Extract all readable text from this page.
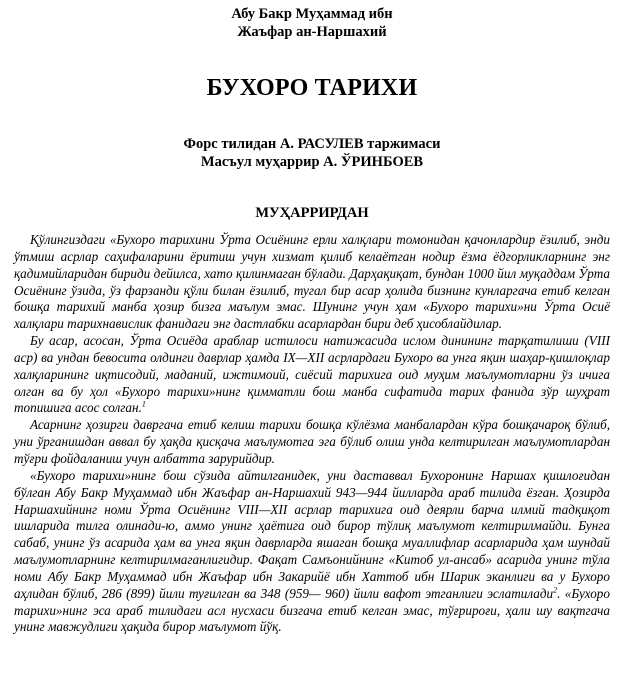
Абу Бакр Муҳаммад ибн
Жаъфар ан-Наршахий
БУХОРО ТАРИХИ
Форс тилидан А. РАСУЛЕВ таржимаси
Масъул муҳаррир А. ЎРИНБОЕВ
МУҲАРРИРДАН

Қўлингиздаги «Бухоро тарихини Ўрта Осиёнинг ерли халқлари томонидан қачонлардир ёзилиб, энди ўтмиш асрлар саҳифаларини ёритиш учун хизмат қилиб келаётган нодир ёзма ёдгорликларнинг энг қадимийларидан бириди дейилса, хато қилинмаган бўлади. Дарҳақиқат, бундан 1000 йил муқаддам Ўрта Осиёнинг ўзида, ўз фарзанди қўли билан ёзилиб, тугал бир асар ҳолида бизнинг кунларгача етиб келган бошқа тарихий манба ҳозир бизга маълум эмас. Шунинг учун ҳам «Бухоро тарихи»ни Ўрта Осиё халқлари тарихнавислик фанидаги энг дастлабки асарлардан бири деб ҳисоблайдилар.

Бу асар, асосан, Ўрта Осиёда араблар истилоси натижасида ислом динининг тарқатилиши (VIII аср) ва ундан бевосита олдинги даврлар ҳамда IX—XII асрлардаги Бухоро ва унга яқин шаҳар-қишлоқлар халқларининг иқтисодий, маданий, ижтимоий, сиёсий тарихига оид муҳим маълумотларни ўз ичига олган ва бу ҳол «Бухоро тарихи»нинг қимматли бош манба сифатида тарих фанида зўр шуҳрат топишига асос солган.$^1$

Асарнинг ҳозирги давргача етиб келиш тарихи бошқа кўлёзма манбалардан кўра бошқачароқ бўлиб, уни ўрганишдан аввал бу ҳақда қисқача маълумотга эга бўлиб олиш унда келтирилган маълумотлардан тўғри фойдаланиш учун албатта зарурийдир.

«Бухоро тарихи»нинг бош сўзида айтилганидек, уни даставвал Бухоронинг Наршах қишлоғидан бўлган Абу Бакр Муҳаммад ибн Жаъфар ан-Наршахий 943—944 йилларда араб тилида ёзган. Ҳозирда Наршахийнинг номи Ўрта Осиёнинг VIII—XII асрлар тарихига оид деярли барча илмий тадқиқот ишларида тилга олинади-ю, аммо унинг ҳаётига оид бирор тўлиқ маълумот келтирилмайди. Бунга сабаб, унинг ўз асарида ҳам ва унга яқин даврларда яшаган бошқа муаллифлар асарларида ҳам шундай маълумотларнинг келтирилмаганлигидир. Фақат Самъонийнинг «Китоб ул-ансаб» асарида унинг тўла номи Абу Бакр Муҳаммад ибн Жаъфар ибн Закарийё ибн Хаттоб ибн Шарик эканлиги ва у Бухоро аҳлидан бўлиб, 286 (899) йили туғилган ва 348 (959— 960) йили вафот этганлиги эслатилади$^2$. «Бухоро тарихи»нинг эса араб тилидаги асл нусхаси бизгача етиб келган эмас, тўғрироғи, ҳали шу вақтгача унинг мавжудлиги ҳақида бирор маълумот йўқ.
